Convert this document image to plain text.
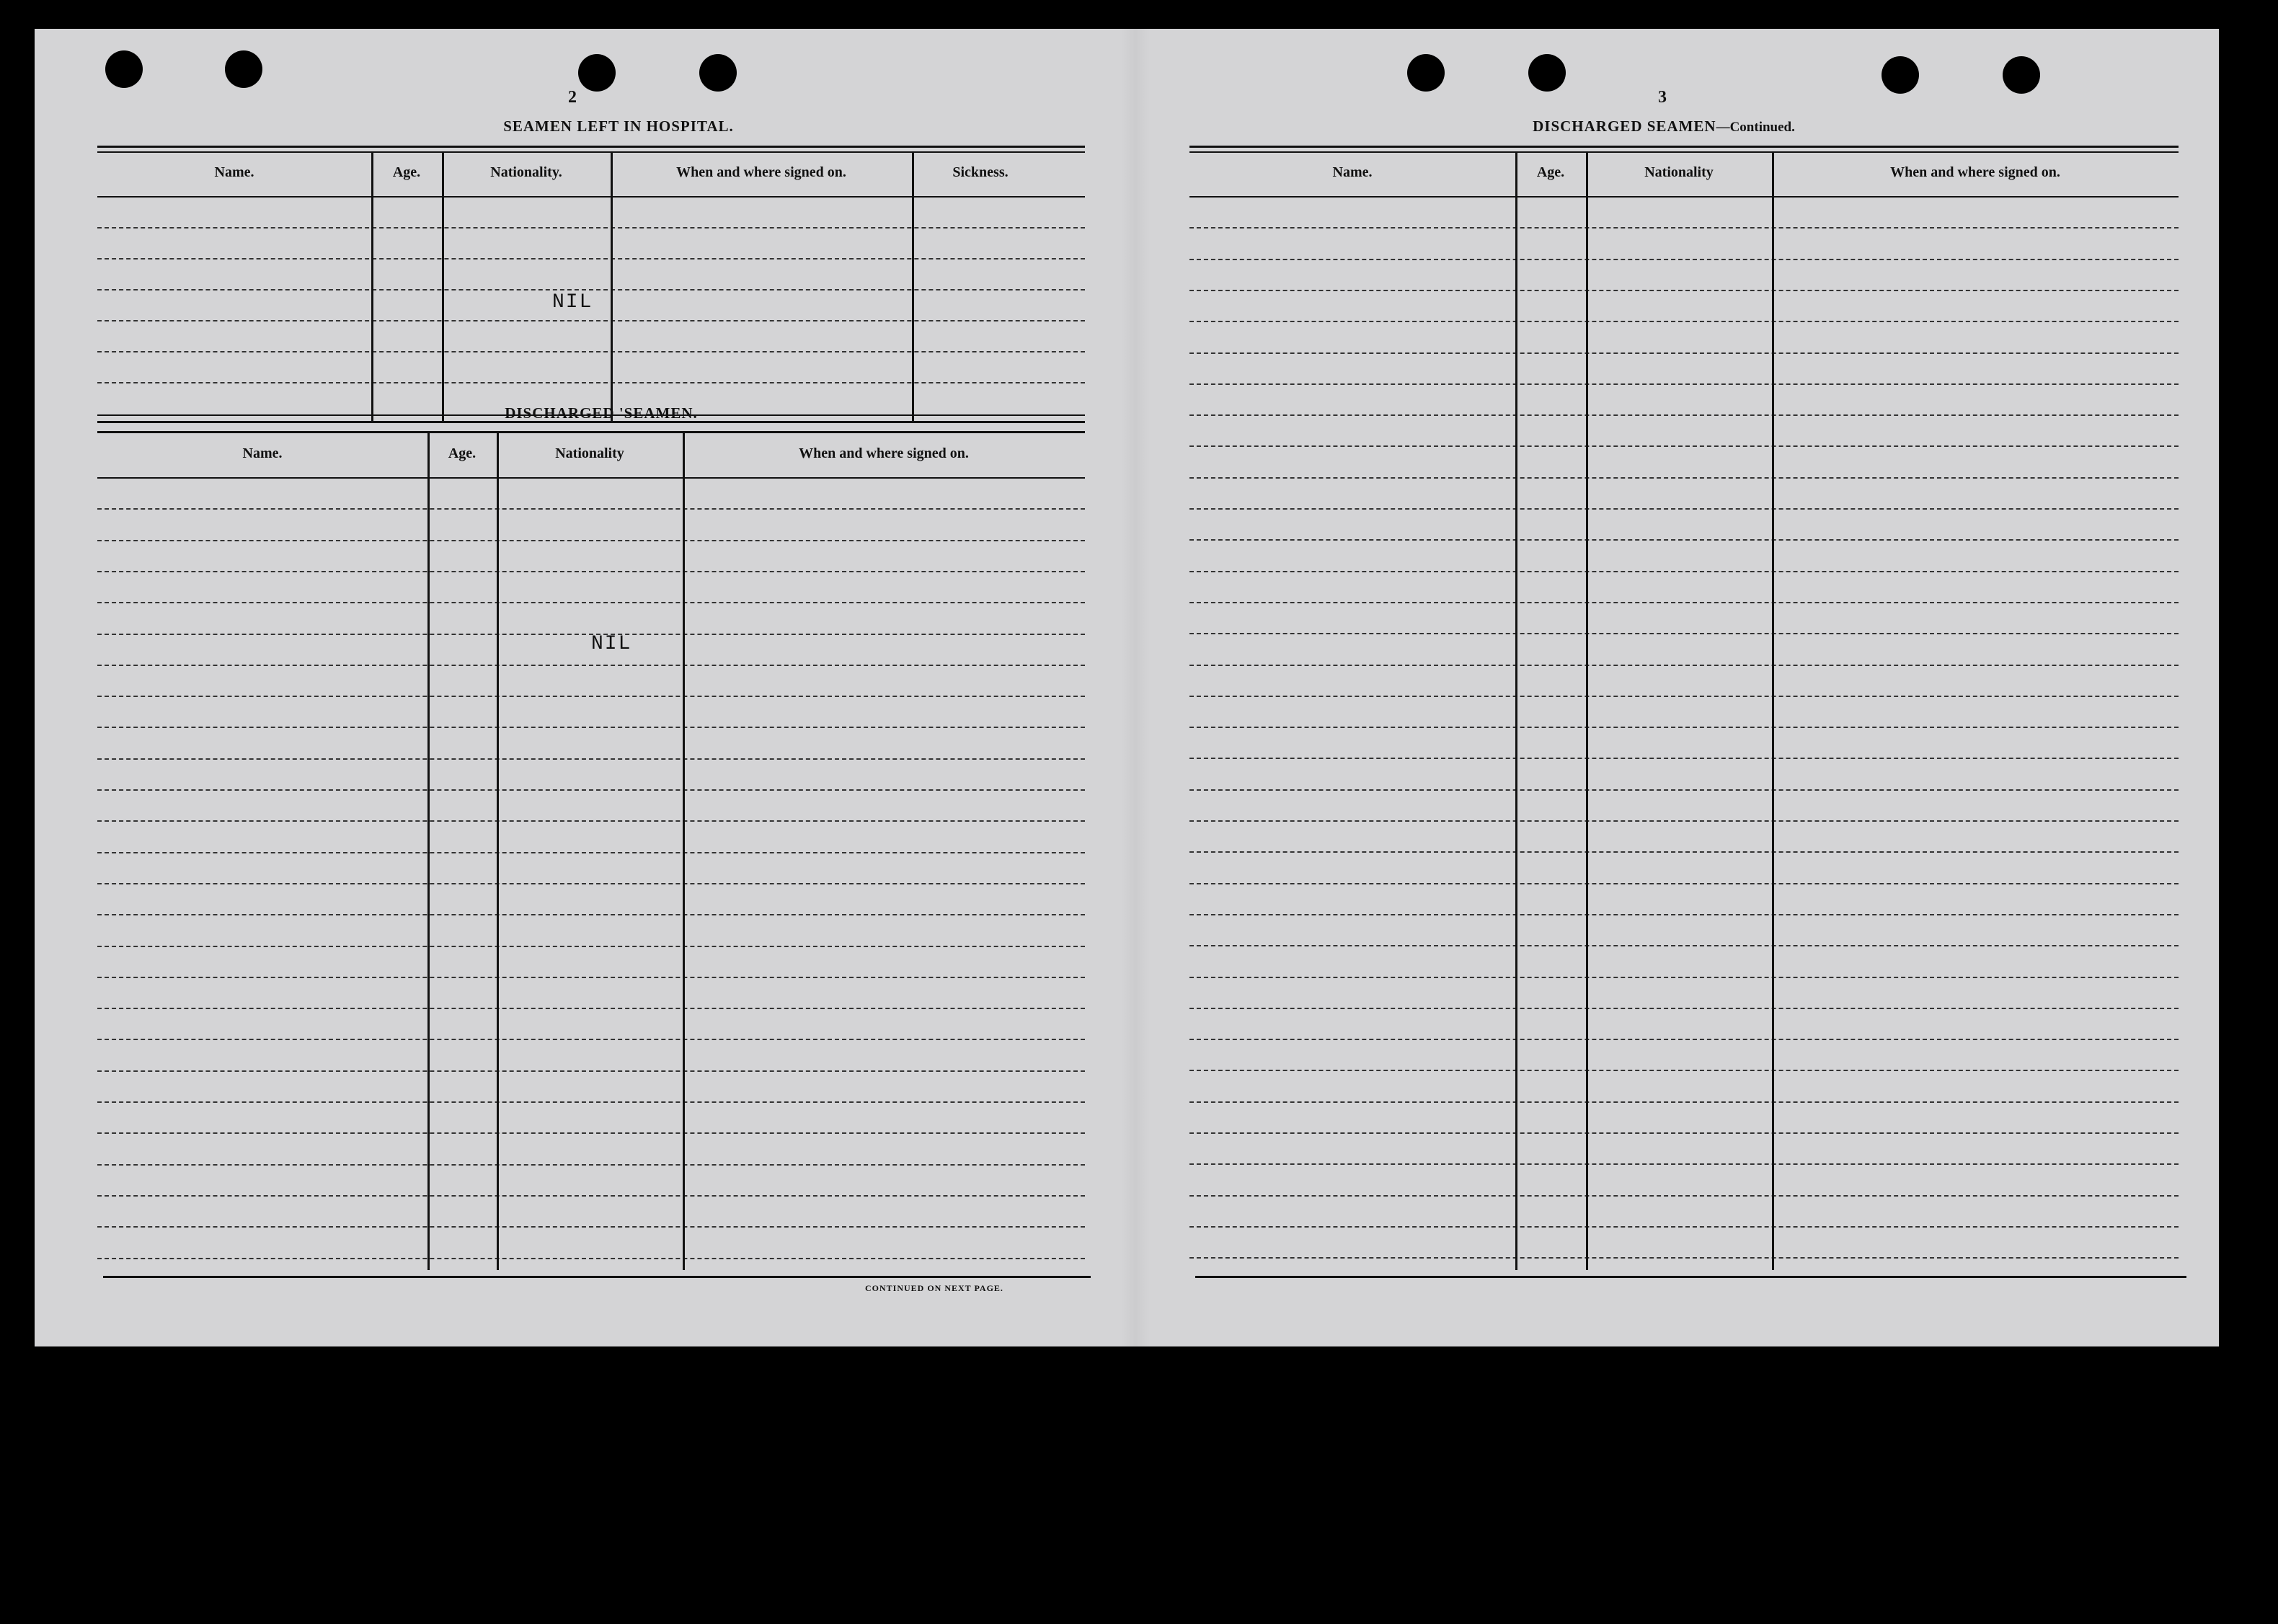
2
SEAMEN LEFT IN HOSPITAL.
Name.	Age.	Nationality.	When and where signed on.	Sickness.
NIL
DISCHARGED 'SEAMEN.
Name.	Age.	Nationality	When and where signed on.
NIL
CONTINUED ON NEXT PAGE.
3
DISCHARGED SEAMEN—Continued.
Name.	Age.	Nationality	When and where signed on.
